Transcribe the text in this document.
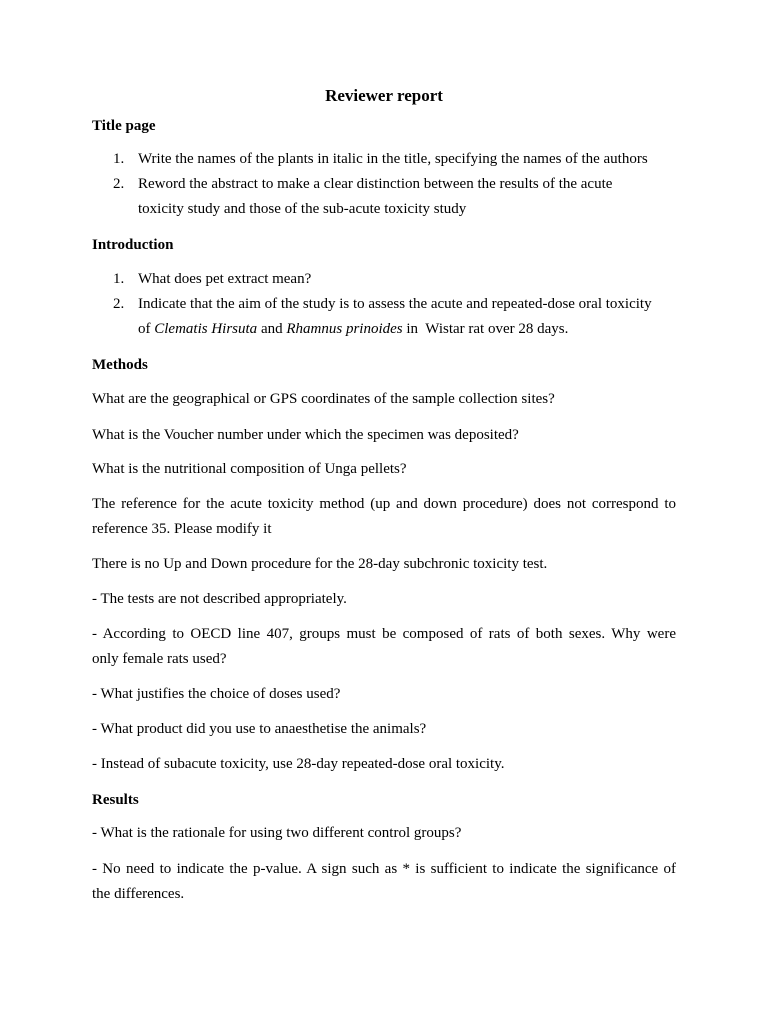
Reviewer report
Title page
1. Write the names of the plants in italic in the title, specifying the names of the authors
2. Reword the abstract to make a clear distinction between the results of the acute
toxicity study and those of the sub-acute toxicity study
Introduction
1. What does pet extract mean?
2. Indicate that the aim of the study is to assess the acute and repeated-dose oral toxicity
of Clematis Hirsuta and Rhamnus prinoides in  Wistar rat over 28 days.
Methods
What are the geographical or GPS coordinates of the sample collection sites?
What is the Voucher number under which the specimen was deposited?
What is the nutritional composition of Unga pellets?
The reference for the acute toxicity method (up and down procedure) does not correspond to
reference 35. Please modify it
There is no Up and Down procedure for the 28-day subchronic toxicity test.
- The tests are not described appropriately.
- According to OECD line 407, groups must be composed of rats of both sexes. Why were
only female rats used?
- What justifies the choice of doses used?
- What product did you use to anaesthetise the animals?
- Instead of subacute toxicity, use 28-day repeated-dose oral toxicity.
Results
- What is the rationale for using two different control groups?
- No need to indicate the p-value. A sign such as * is sufficient to indicate the significance of
the differences.
